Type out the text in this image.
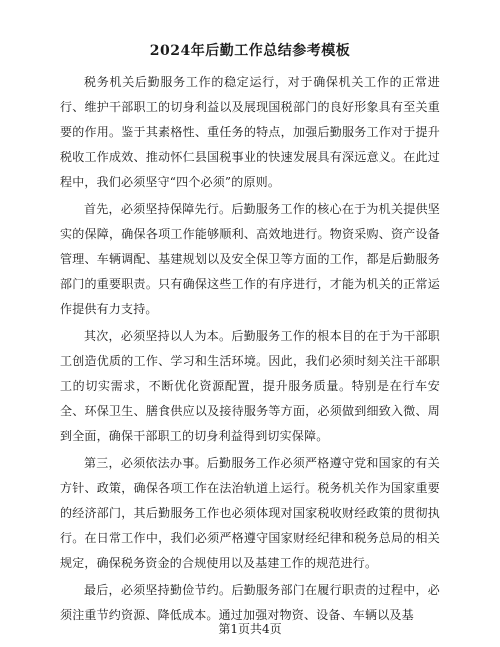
2024年后勤工作总结参考模板

税务机关后勤服务工作的稳定运行，对于确保机关工作的正常进行、维护干部职工的切身利益以及展现国税部门的良好形象具有至关重要的作用。鉴于其素格性、重任务的特点，加强后勤服务工作对于提升税收工作成效、推动怀仁县国税事业的快速发展具有深远意义。在此过程中，我们必须坚守“四个必须”的原则。

首先，必须坚持保障先行。后勤服务工作的核心在于为机关提供坚实的保障，确保各项工作能够顺利、高效地进行。物资采购、资产设备管理、车辆调配、基建规划以及安全保卫等方面的工作，都是后勤服务部门的重要职责。只有确保这些工作的有序进行，才能为机关的正常运作提供有力支持。

其次，必须坚持以人为本。后勤服务工作的根本目的在于为干部职工创造优质的工作、学习和生活环境。因此，我们必须时刻关注干部职工的切实需求，不断优化资源配置，提升服务质量。特别是在行车安全、环保卫生、膳食供应以及接待服务等方面，必须做到细致入微、周到全面，确保干部职工的切身利益得到切实保障。

第三，必须依法办事。后勤服务工作必须严格遵守党和国家的有关方针、政策，确保各项工作在法治轨道上运行。税务机关作为国家重要的经济部门，其后勤服务工作也必须体现对国家税收财经政策的贯彻执行。在日常工作中，我们必须严格遵守国家财经纪律和税务总局的相关规定，确保税务资金的合规使用以及基建工作的规范进行。

最后，必须坚持勤俭节约。后勤服务部门在履行职责的过程中，必须注重节约资源、降低成本。通过加强对物资、设备、车辆以及基

第1页共4页
